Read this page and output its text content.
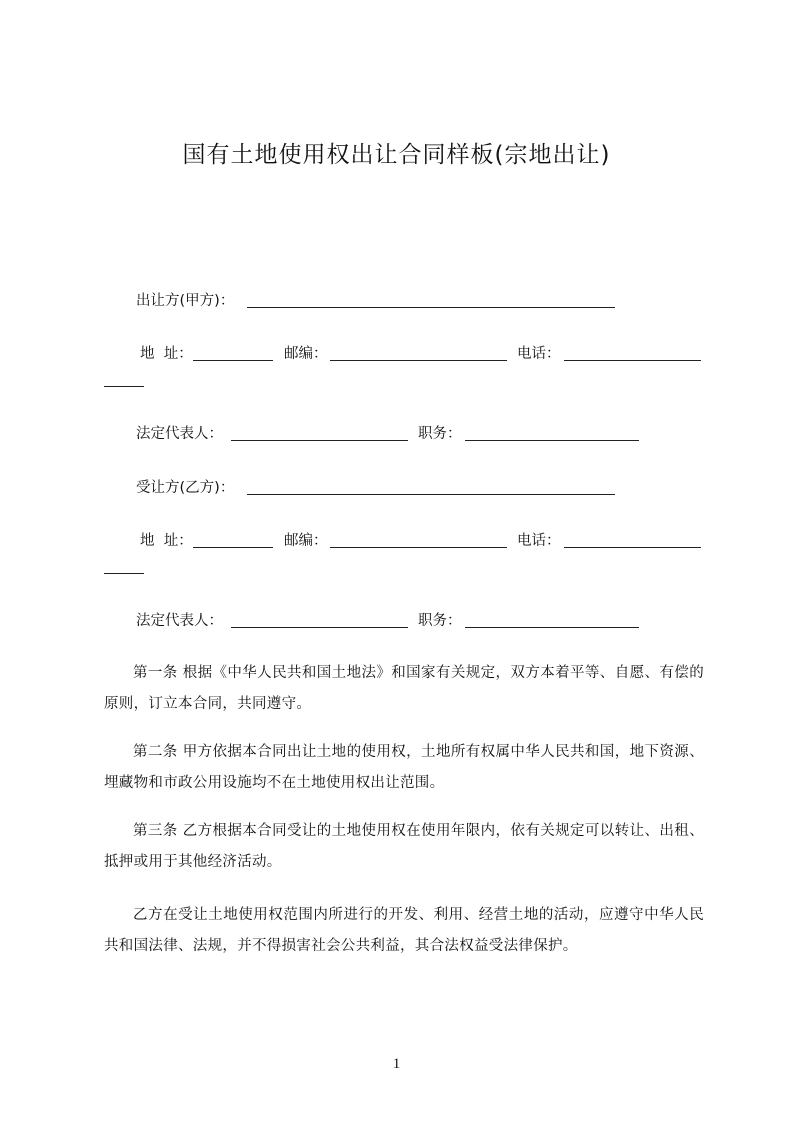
国有土地使用权出让合同样板(宗地出让)
出让方(甲方)：
地  址：	邮编：	电话：
法定代表人：	职务：
受让方(乙方)：
地  址：	邮编：	电话：
法定代表人：	职务：
第一条 根据《中华人民共和国土地法》和国家有关规定，双方本着平等、自愿、有偿的原则，订立本合同，共同遵守。
第二条 甲方依据本合同出让土地的使用权，土地所有权属中华人民共和国，地下资源、埋藏物和市政公用设施均不在土地使用权出让范围。
第三条 乙方根据本合同受让的土地使用权在使用年限内，依有关规定可以转让、出租、抵押或用于其他经济活动。
乙方在受让土地使用权范围内所进行的开发、利用、经营土地的活动，应遵守中华人民共和国法律、法规，并不得损害社会公共利益，其合法权益受法律保护。
1
